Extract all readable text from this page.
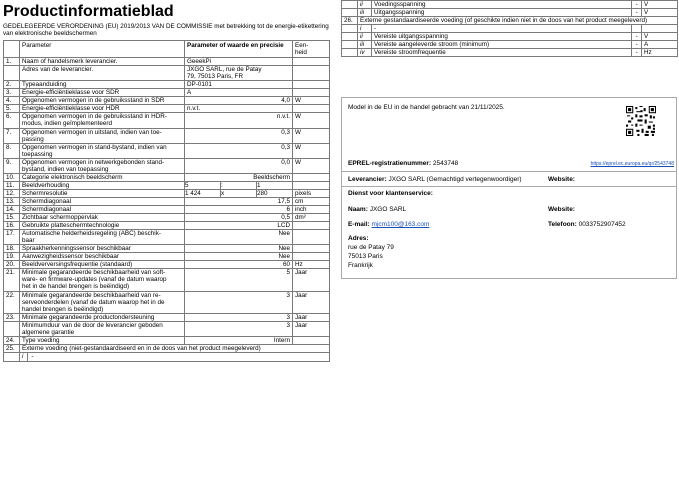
Productinformatieblad
GEDELEGEERDE VERORDENING (EU) 2019/2013 VAN DE COMMISSIE met betrekking tot de energie-etikettering van elektronische beeldschermen
	Parameter	Parameter of waarde en precisie	Een-
heid
1.	Naam of handelsmerk leverancier.	GeeekPi	
	Adres van de leverancier.	JXGO SARL, rue de Patay
79, 75013 Paris, FR	
2.	Typeaanduiding	DP-0101	
3.	Energie-efficiëntieklasse voor SDR	A	
4.	Opgenomen vermogen in de gebruiksstand in SDR	4,0	W
5.	Energie-efficiëntieklasse voor HDR	n.v.t.	
6.	Opgenomen vermogen in de gebruiksstand in HDR-
modus, indien geïmplementeerd	n.v.t.	W
7.	Opgenomen vermogen in uitstand, indien van toe-
passing	0,3	W
8.	Opgenomen vermogen in stand-bystand, indien van
toepassing	0,3	W
9.	Opgenomen vermogen in netwerkgebonden stand-
bystand, indien van toepassing	0,0	W
10.	Categorie elektronisch beeldscherm	Beeldscherm	
11.	Beeldverhouding	5 : 1	

12.	Schermresolutie	1 424 x 280	pixels
13.	Schermdiagonaal	17,5	cm
14.	Schermdiagonaal	6	inch
15.	Zichtbaar schermoppervlak	0,5	dm²
16.	Gebruikte platteschermtechnologie	LCD	
17.	Automatische helderheidsregeling (ABC) beschik-
baar	Nee	
18.	Spraakherkenningssensor beschikbaar	Nee	
19.	Aanwezigheidssensor beschikbaar	Nee	
20.	Beeldverversingsfrequentie (standaard)	60	Hz
21.	Minimale gegarandeerde beschikbaarheid van soft-
ware- en firmware-updates (vanaf de datum waarop
het in de handel brengen is beëindigd)	5	Jaar
22.	Minimale gegarandeerde beschikbaarheid van re-
serveonderdelen (vanaf de datum waarop het in de
handel brengen is beëindigd)	3	Jaar
23.	Minimale gegarandeerde productondersteuning	3	Jaar
	Minimumduur van de door de leverancier geboden
algemene garantie	3	Jaar
24.	Type voeding	Intern	
25.	Externe voeding (niet-gestandaardiseerd en in de doos van het product meegeleverd)		
	i -		
	ii	Voedingsspanning	-	V
	iii	Uitgangsspanning	-	V
26.	Externe gestandaardiseerde voeding (of geschikte indien niet in de doos van het product meegeleverd)			
	i	-		
	ii	Vereiste uitgangsspanning	-	V
	iii	Vereiste aangeleverde stroom (minimum)	-	A
	iv	Vereiste stroomfrequentie	-	Hz
Model in de EU in de handel gebracht van 21/11/2025.
EPREL-registratienummer: 2543748	https://eprel.ec.europa.eu/qr/2543748
Leverancier: JXGO SARL (Gemachtigd vertegenwoordiger)	Website:
Dienst voor klantenservice:
Naam: JXGO SARL	Website:
E-mail: mjcm100@163.com	Telefoon: 0033752907452
Adres:
rue de Patay 79
75013 Paris
Frankrijk
